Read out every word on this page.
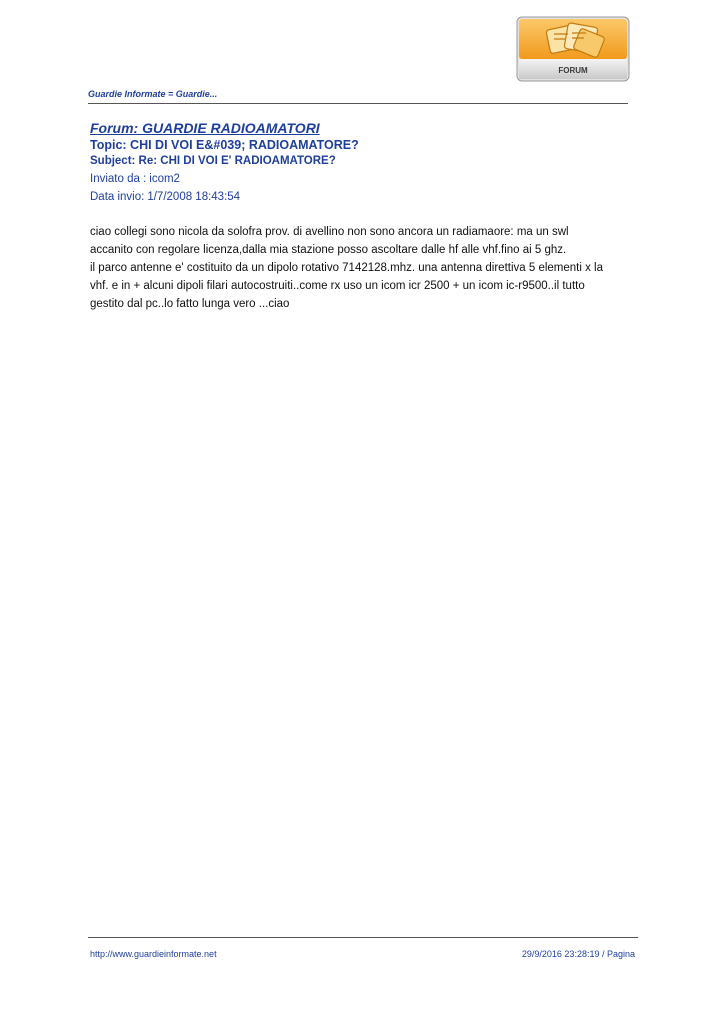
FORUM
Guardie Informate = Guardie...
Forum: GUARDIE RADIOAMATORI
Topic: CHI DI VOI E&#039; RADIOAMATORE?
Subject: Re: CHI DI VOI E' RADIOAMATORE?
Inviato da : icom2
Data invio: 1/7/2008 18:43:54
ciao collegi sono nicola da solofra prov. di avellino non sono ancora un radiamaore: ma un swl
accanito con regolare licenza,dalla mia stazione posso ascoltare dalle hf alle vhf.fino ai 5 ghz.
il parco antenne e' costituito da un dipolo rotativo 7142128.mhz. una antenna direttiva 5 elementi x la
vhf. e in + alcuni dipoli filari autocostruiti..come rx uso un icom icr 2500 + un icom ic-r9500..il tutto
gestito dal pc..lo fatto lunga vero ...ciao
http://www.guardieinformate.net	29/9/2016 23:28:19 / Pagina
